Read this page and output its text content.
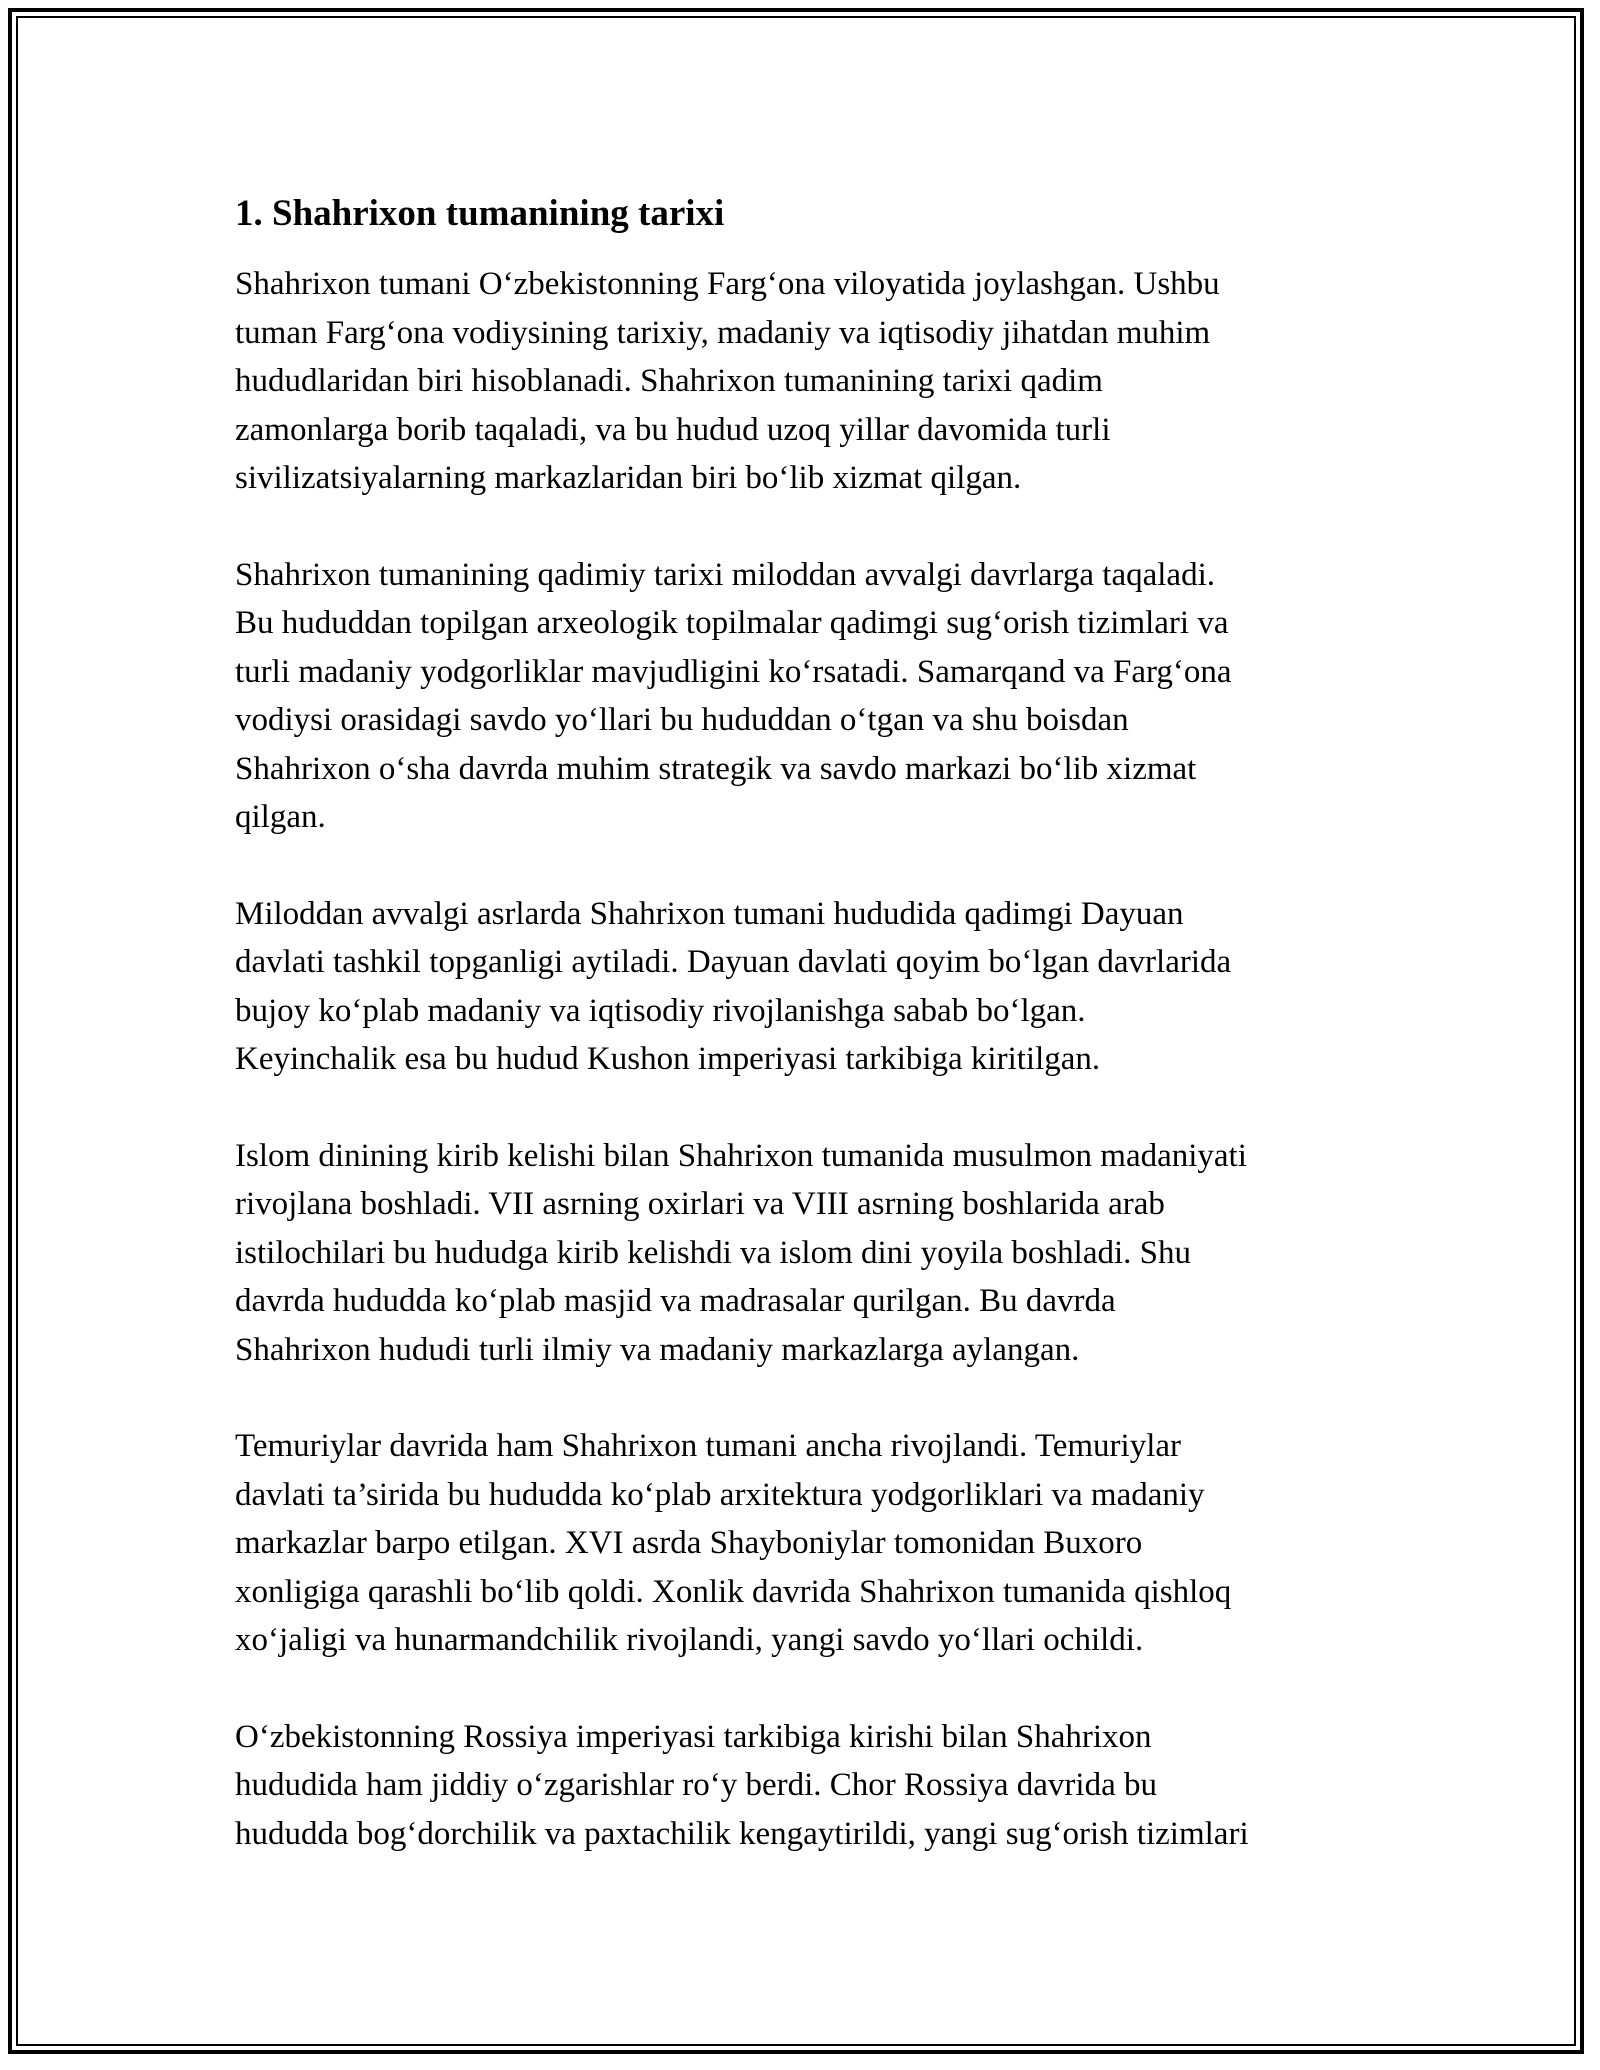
1. Shahrixon tumanining tarixi

Shahrixon tumani O‘zbekistonning Farg‘ona viloyatida joylashgan. Ushbu
tuman Farg‘ona vodiysining tarixiy, madaniy va iqtisodiy jihatdan muhim
hududlaridan biri hisoblanadi. Shahrixon tumanining tarixi qadim
zamonlarga borib taqaladi, va bu hudud uzoq yillar davomida turli
sivilizatsiyalarning markazlaridan biri bo‘lib xizmat qilgan.

Shahrixon tumanining qadimiy tarixi miloddan avvalgi davrlarga taqaladi.
Bu hududdan topilgan arxeologik topilmalar qadimgi sug‘orish tizimlari va
turli madaniy yodgorliklar mavjudligini ko‘rsatadi. Samarqand va Farg‘ona
vodiysi orasidagi savdo yo‘llari bu hududdan o‘tgan va shu boisdan
Shahrixon o‘sha davrda muhim strategik va savdo markazi bo‘lib xizmat
qilgan.

Miloddan avvalgi asrlarda Shahrixon tumani hududida qadimgi Dayuan
davlati tashkil topganligi aytiladi. Dayuan davlati qoyim bo‘lgan davrlarida
bujoy ko‘plab madaniy va iqtisodiy rivojlanishga sabab bo‘lgan.
Keyinchalik esa bu hudud Kushon imperiyasi tarkibiga kiritilgan.

Islom dinining kirib kelishi bilan Shahrixon tumanida musulmon madaniyati
rivojlana boshladi. VII asrning oxirlari va VIII asrning boshlarida arab
istilochilari bu hududga kirib kelishdi va islom dini yoyila boshladi. Shu
davrda hududda ko‘plab masjid va madrasalar qurilgan. Bu davrda
Shahrixon hududi turli ilmiy va madaniy markazlarga aylangan.

Temuriylar davrida ham Shahrixon tumani ancha rivojlandi. Temuriylar
davlati ta’sirida bu hududda ko‘plab arxitektura yodgorliklari va madaniy
markazlar barpo etilgan. XVI asrda Shayboniylar tomonidan Buxoro
xonligiga qarashli bo‘lib qoldi. Xonlik davrida Shahrixon tumanida qishloq
xo‘jaligi va hunarmandchilik rivojlandi, yangi savdo yo‘llari ochildi.

O‘zbekistonning Rossiya imperiyasi tarkibiga kirishi bilan Shahrixon
hududida ham jiddiy o‘zgarishlar ro‘y berdi. Chor Rossiya davrida bu
hududda bog‘dorchilik va paxtachilik kengaytirildi, yangi sug‘orish tizimlari
